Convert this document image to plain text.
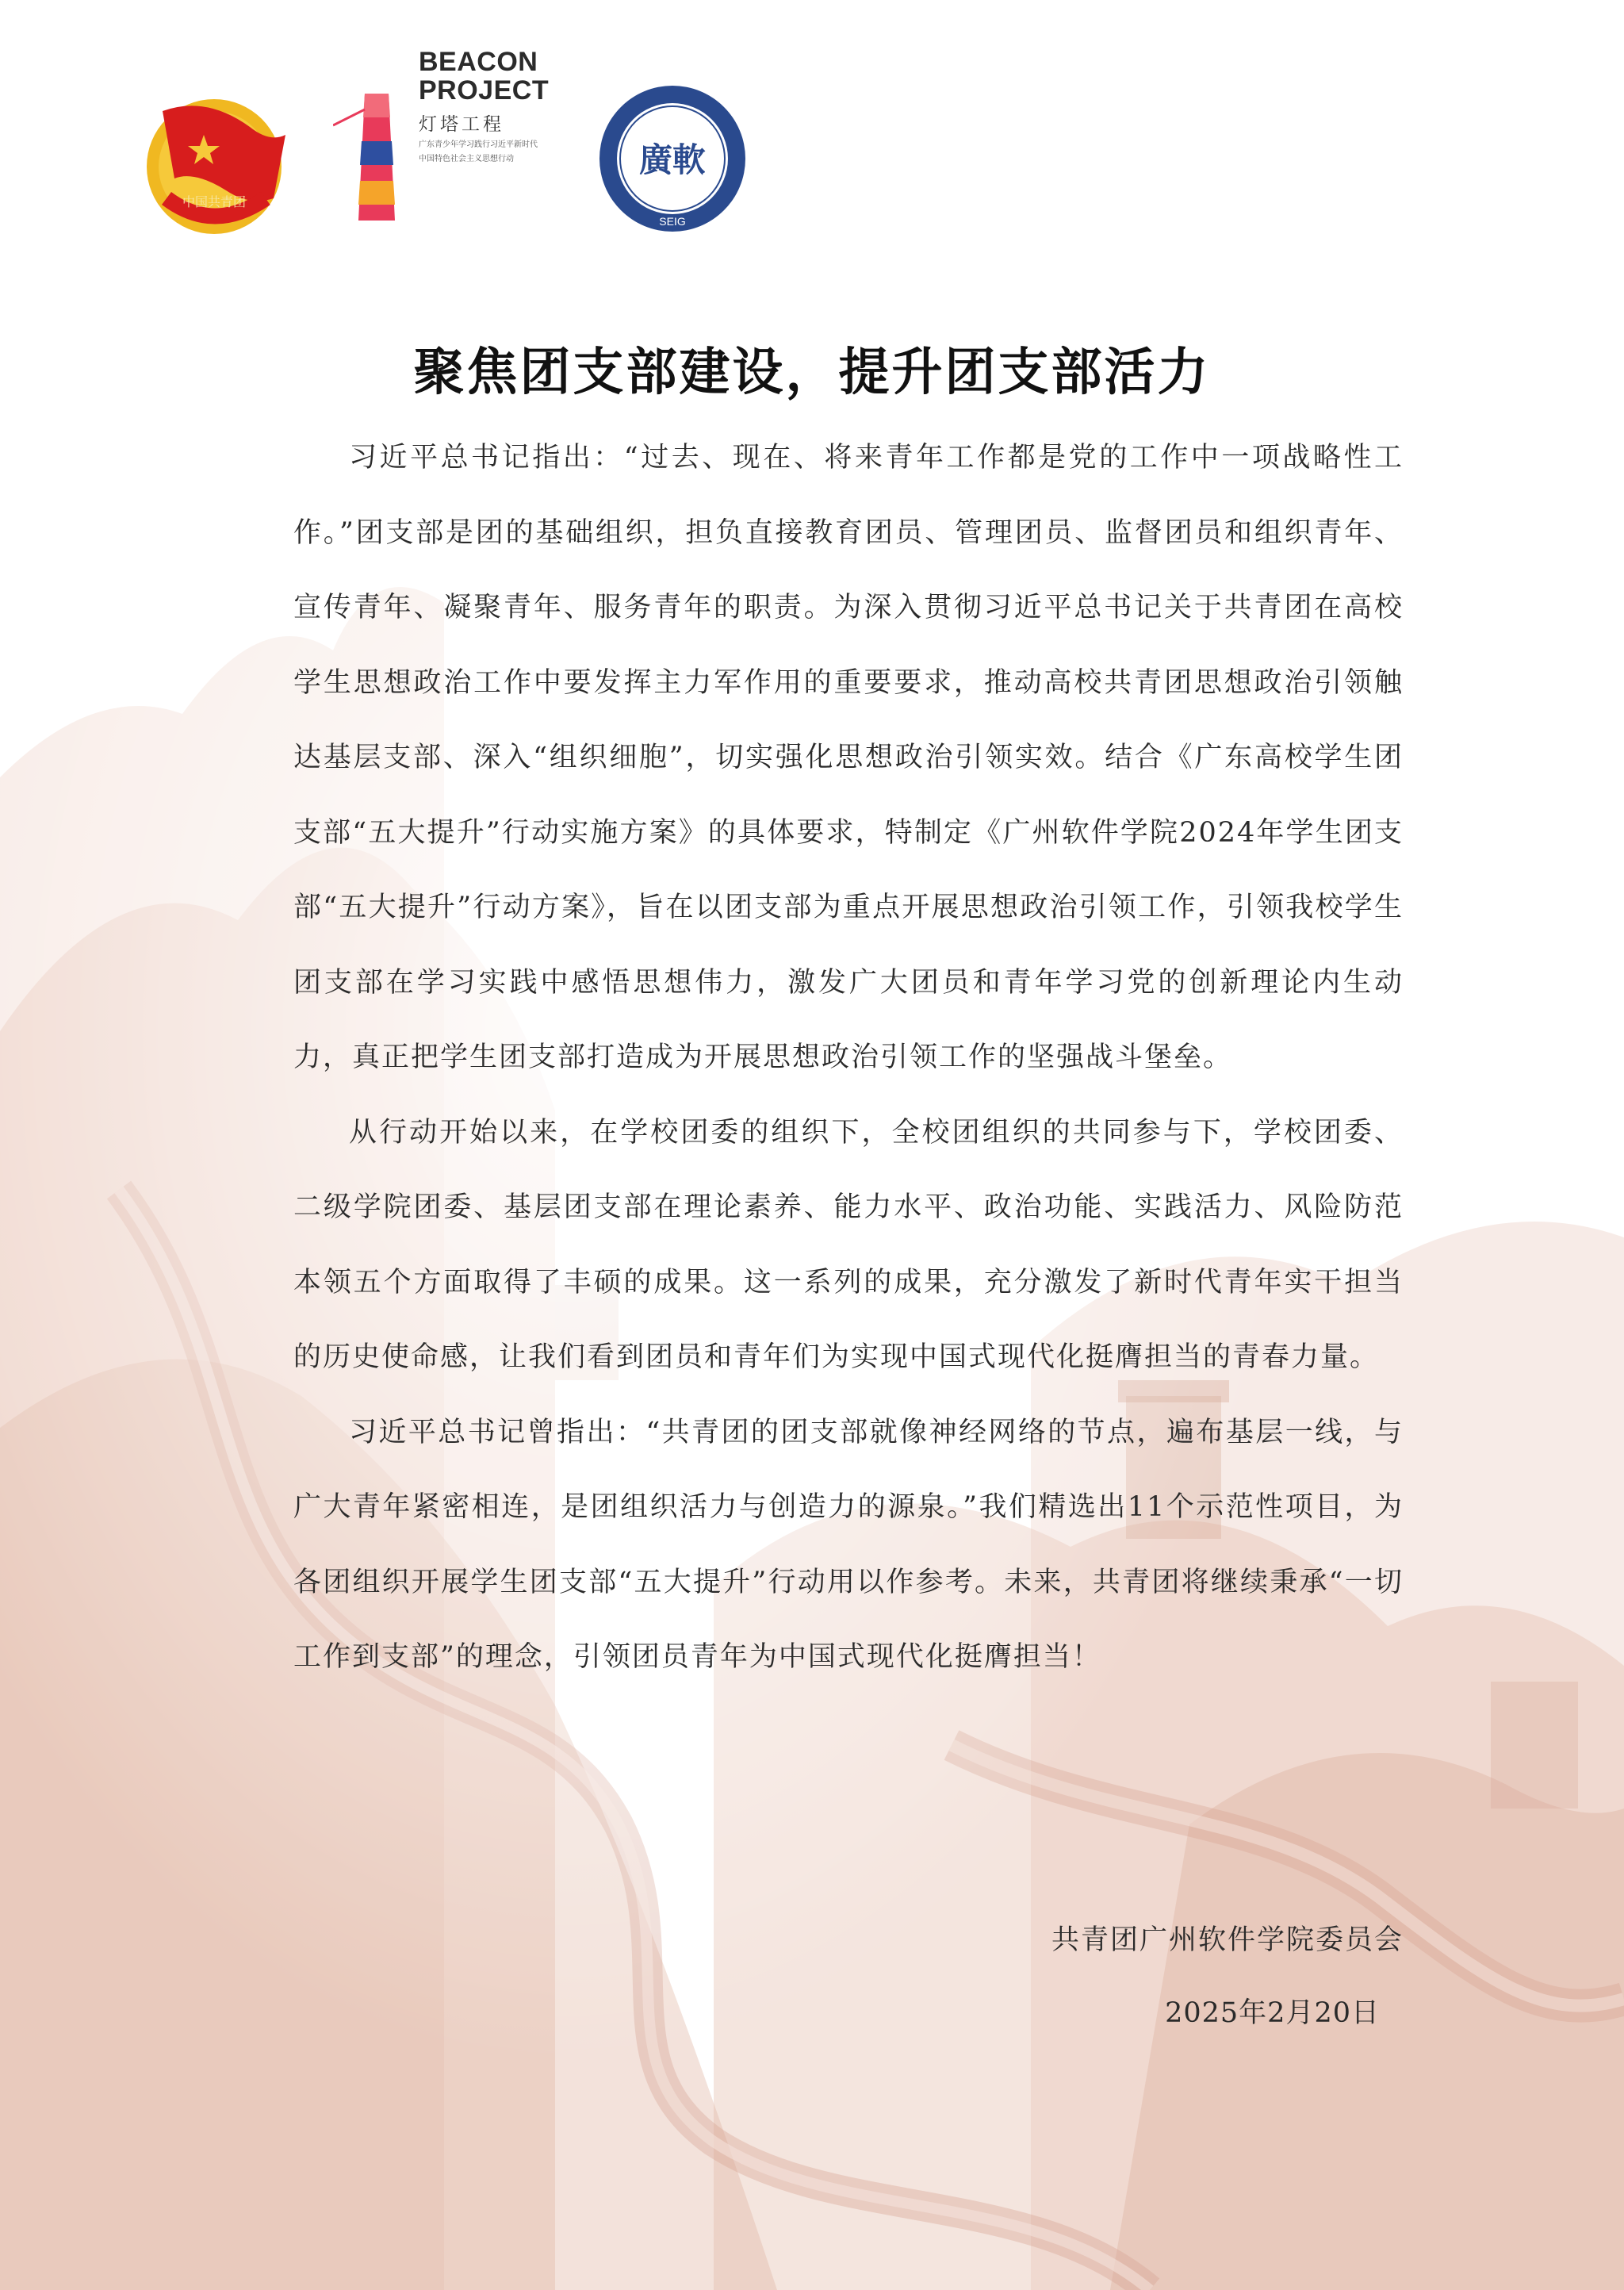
中国共青团
BEACON
PROJECT
灯塔工程
广东青少年学习践行习近平新时代
中国特色社会主义思想行动	廣軟
SEIG
聚焦团支部建设，提升团支部活力

习近平总书记指出：“过去、现在、将来青年工作都是党的工作中一项战略性工作。”团支部是团的基础组织，担负直接教育团员、管理团员、监督团员和组织青年、宣传青年、凝聚青年、服务青年的职责。为深入贯彻习近平总书记关于共青团在高校学生思想政治工作中要发挥主力军作用的重要要求，推动高校共青团思想政治引领触达基层支部、深入“组织细胞”，切实强化思想政治引领实效。结合《广东高校学生团支部“五大提升”行动实施方案》的具体要求，特制定《广州软件学院2024年学生团支部“五大提升”行动方案》，旨在以团支部为重点开展思想政治引领工作，引领我校学生团支部在学习实践中感悟思想伟力，激发广大团员和青年学习党的创新理论内生动力，真正把学生团支部打造成为开展思想政治引领工作的坚强战斗堡垒。

从行动开始以来，在学校团委的组织下，全校团组织的共同参与下，学校团委、二级学院团委、基层团支部在理论素养、能力水平、政治功能、实践活力、风险防范本领五个方面取得了丰硕的成果。这一系列的成果，充分激发了新时代青年实干担当的历史使命感，让我们看到团员和青年们为实现中国式现代化挺膺担当的青春力量。

习近平总书记曾指出：“共青团的团支部就像神经网络的节点，遍布基层一线，与广大青年紧密相连，是团组织活力与创造力的源泉。”我们精选出11个示范性项目，为各团组织开展学生团支部“五大提升”行动用以作参考。未来，共青团将继续秉承“一切工作到支部”的理念，引领团员青年为中国式现代化挺膺担当！

共青团广州软件学院委员会
2025年2月20日
